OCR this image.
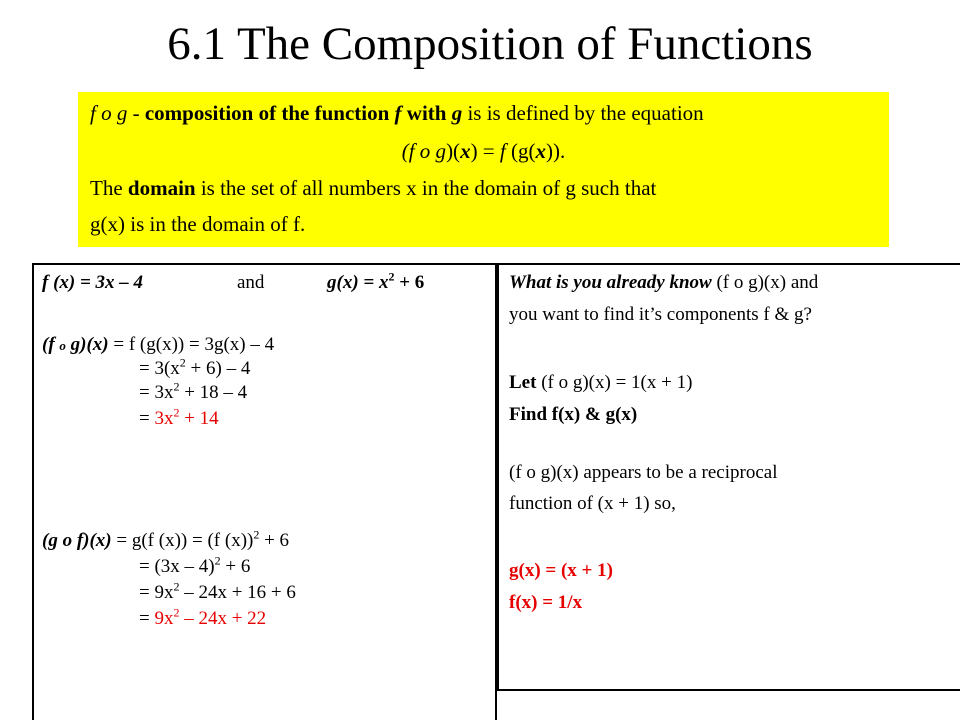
6.1 The Composition of Functions
f o g - composition of the function f with g is is defined by the equation
(f o g)(x) = f (g(x)).
The domain is the set of all numbers x in the domain of g such that
g(x) is in the domain of f.
f (x) = 3x – 4	and	$g(x) = x^2 + 6$
(f o g)(x) = f (g(x)) = 3g(x) – 4
= $3(x^2 + 6) - 4$
= $3x^2 + 18 - 4$
= $3x^2 + 14$
(g o f)(x) = g(f (x)) = (f (x))$^2$ + 6
= (3x – 4)$^2$ + 6
= $9x^2 - 24x + 16 + 6$
= $9x^2 - 24x + 22$
What is you already know (f o g)(x) and
you want to find it’s components f & g?
Let (f o g)(x) = 1(x + 1)
Find f(x) & g(x)
(f o g)(x) appears to be a reciprocal
function of (x + 1) so,
g(x) = (x + 1)
f(x) = 1/x
